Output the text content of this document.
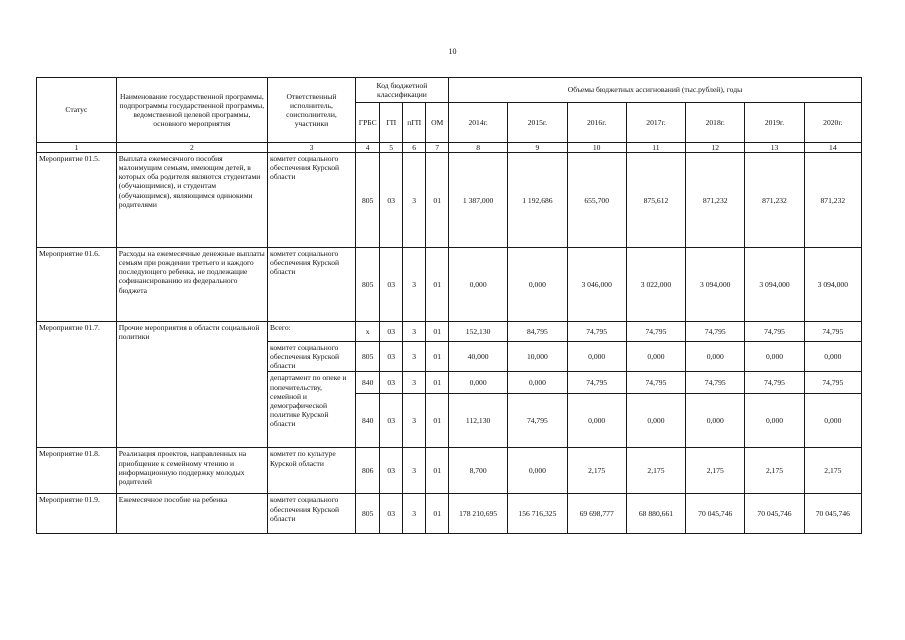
10
Статус	Наименование государственной программы, подпрограммы государственной программы, ведомственной целевой программы, основного мероприятия	Ответственный исполнитель, соисполнители, участники	Код бюджетной классификации				Объемы бюджетных ассигнований (тыс.рублей), годы						
			ГРБС	ГП	пГП	ОМ	2014г.	2015г.	2016г.	2017г.	2018г.	2019г.	2020г.
1	2	3	4	5	6	7	8	9	10	11	12	13	14
Мероприятие 01.5.	Выплата ежемесячного пособия малоимущим семьям, имеющим детей, в которых оба родителя являются студентами (обучающимися), и студентам (обучающимся), являющимся одинокими родителями	комитет социального обеспечения Курской области	805	03	3	01	1 387,000	1 192,686	655,700	875,612	871,232	871,232	871,232
Мероприятие 01.6.	Расходы на ежемесячные денежные выплаты семьям при рождении третьего и каждого последующего ребенка, не подлежащие софинансированию из федерального бюджета	комитет социального обеспечения Курской области	805	03	3	01	0,000	0,000	3 046,000	3 022,000	3 094,000	3 094,000	3 094,000
Мероприятие 01.7.	Прочие мероприятия в области социальной политики	Всего:	х	03	3	01	152,130	84,795	74,795	74,795	74,795	74,795	74,795
		комитет социального обеспечения Курской области	805	03	3	01	40,000	10,000	0,000	0,000	0,000	0,000	0,000
		департамент по опеке и попечительству, семейной и демографической политике Курской области	840	03	3	01	0,000	0,000	74,795	74,795	74,795	74,795	74,795
			840	03	3	01	112,130	74,795	0,000	0,000	0,000	0,000	0,000
Мероприятие 01.8.	Реализация проектов, направленных на приобщение к семейному чтению и информационную поддержку молодых родителей	комитет по культуре Курской области	806	03	3	01	8,700	0,000	2,175	2,175	2,175	2,175	2,175
Мероприятие 01.9.	Ежемесячное пособие на ребенка	комитет социального обеспечения Курской области	805	03	3	01	178 210,695	156 716,325	69 698,777	68 880,661	70 045,746	70 045,746	70 045,746
